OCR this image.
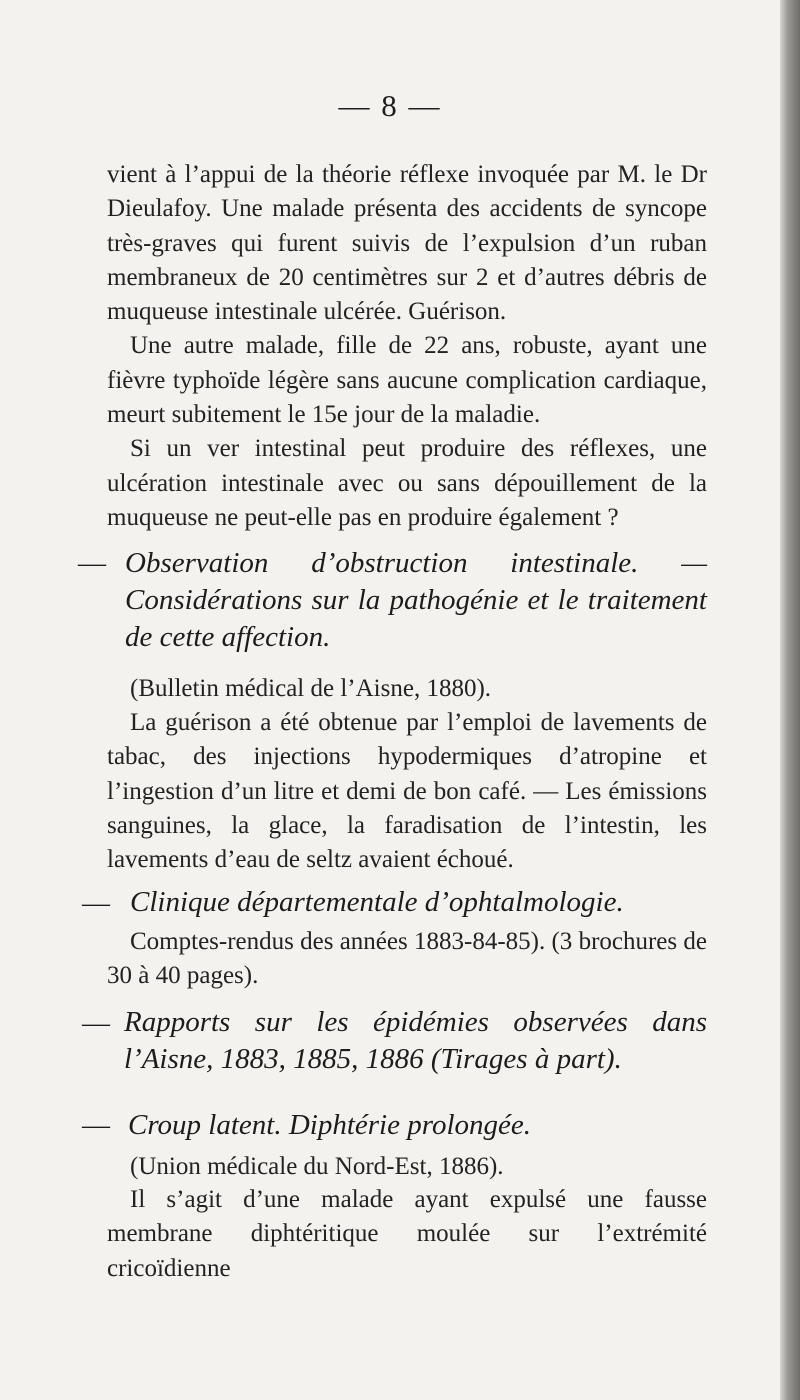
— 8 —
vient à l’appui de la théorie réflexe invoquée par M. le Dr Dieulafoy. Une malade présenta des accidents de syncope très-graves qui furent suivis de l’expulsion d’un ruban membraneux de 20 centimètres sur 2 et d’autres débris de muqueuse intestinale ulcérée. Guérison.
Une autre malade, fille de 22 ans, robuste, ayant une fièvre typhoïde légère sans aucune complication cardiaque, meurt subitement le 15e jour de la maladie.
Si un ver intestinal peut produire des réflexes, une ulcération intestinale avec ou sans dépouillement de la muqueuse ne peut-elle pas en produire également ?
— Observation d’obstruction intestinale. — Considérations sur la pathogénie et le traitement de cette affection.
(Bulletin médical de l’Aisne, 1880).
La guérison a été obtenue par l’emploi de lavements de tabac, des injections hypodermiques d’atropine et l’ingestion d’un litre et demi de bon café. — Les émissions sanguines, la glace, la faradisation de l’intestin, les lavements d’eau de seltz avaient échoué.
— Clinique départementale d’ophtalmologie.
Comptes-rendus des années 1883-84-85). (3 brochures de 30 à 40 pages).
— Rapports sur les épidémies observées dans l’Aisne, 1883, 1885, 1886 (Tirages à part).
— Croup latent. Diphtérie prolongée.
(Union médicale du Nord-Est, 1886).
Il s’agit d’une malade ayant expulsé une fausse membrane diphtéritique moulée sur l’extrémité cricoïdienne
